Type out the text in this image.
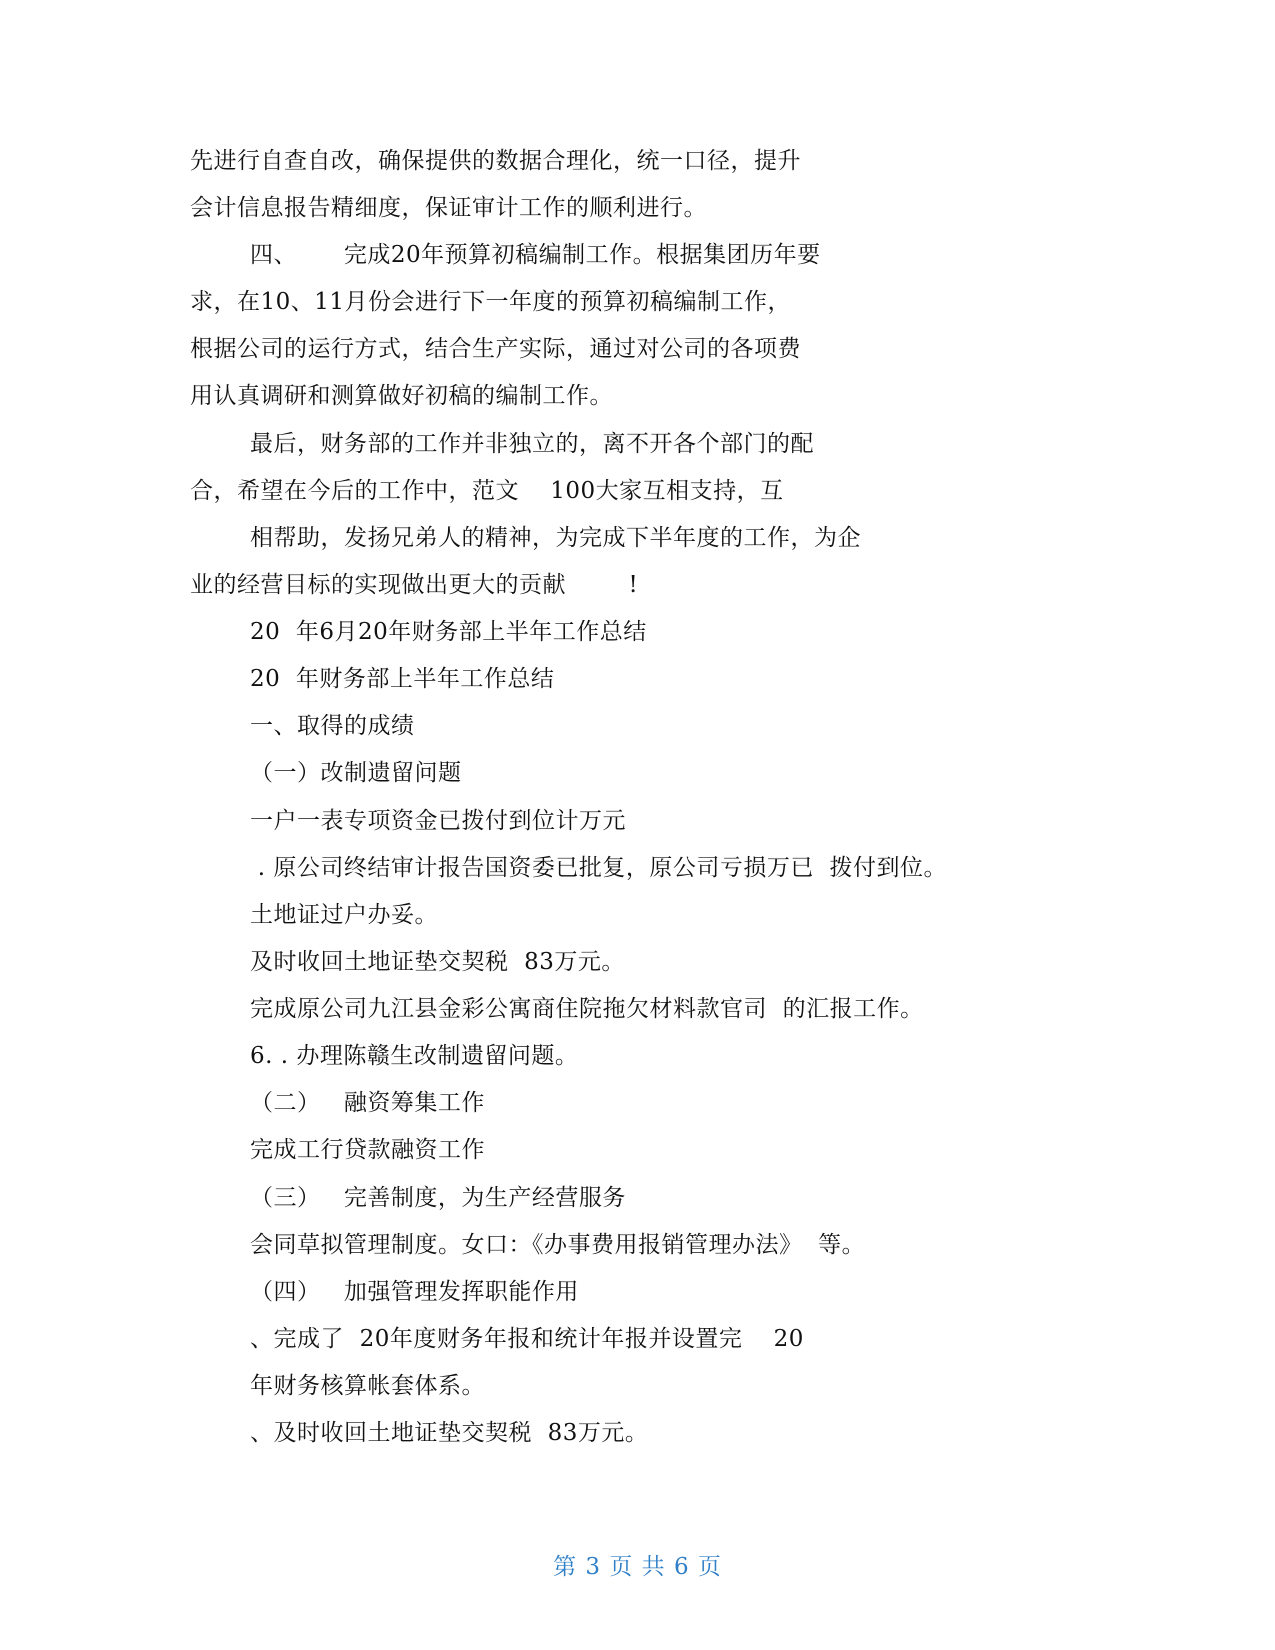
先进行自查自改，确保提供的数据合理化，统一口径，提升
会计信息报告精细度，保证审计工作的顺利进行。
四、      完成20年预算初稿编制工作。根据集团历年要
求，在10、11月份会进行下一年度的预算初稿编制工作，
根据公司的运行方式，结合生产实际，通过对公司的各项费
用认真调研和测算做好初稿的编制工作。
最后，财务部的工作并非独立的，离不开各个部门的配
合，希望在今后的工作中，范文    100大家互相支持，互
相帮助，发扬兄弟人的精神，为完成下半年度的工作，为企
业的经营目标的实现做出更大的贡献        !
20  年6月20年财务部上半年工作总结
20  年财务部上半年工作总结
一、取得的成绩
（一）改制遗留问题
一户一表专项资金已拨付到位计万元
. 原公司终结审计报告国资委已批复，原公司亏损万已  拨付到位。
土地证过户办妥。
及时收回土地证垫交契税  83万元。
完成原公司九江县金彩公寓商住院拖欠材料款官司  的汇报工作。
6. . 办理陈赣生改制遗留问题。
（二）   融资筹集工作
完成工行贷款融资工作
（三）   完善制度，为生产经营服务
会同草拟管理制度。女口：《办事费用报销管理办法》  等。
（四）   加强管理发挥职能作用
、完成了  20年度财务年报和统计年报并设置完    20
年财务核算帐套体系。
、及时收回土地证垫交契税  83万元。
第 3 页 共 6 页
